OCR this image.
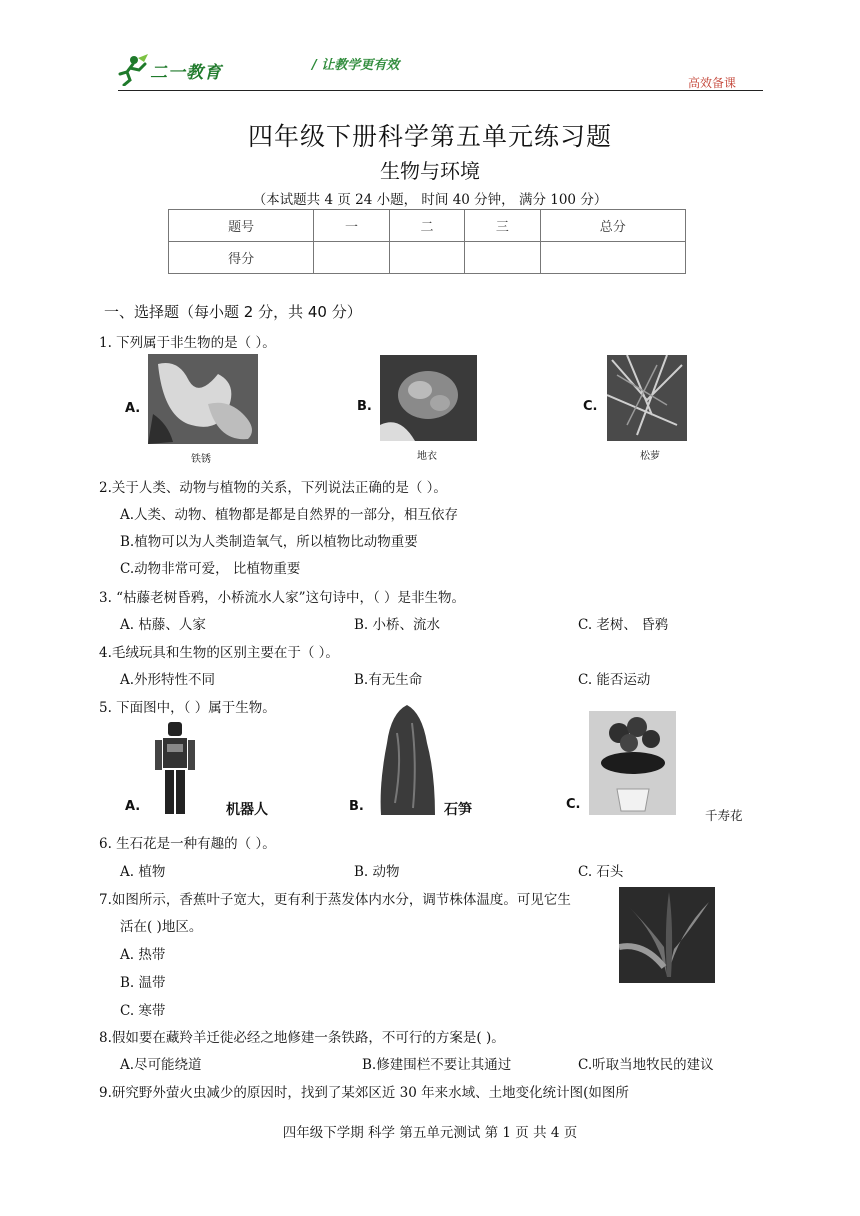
二一教育	/ 让教学更有效
高效备课
四年级下册科学第五单元练习题
生物与环境
（本试题共 4 页 24 小题， 时间 40 分钟， 满分 100 分）
题号	一	二	三	总分
得分				
一、选择题（每小题 2 分，共 40 分）
1. 下列属于非生物的是（ ）。
A.
铁锈
B.
地衣
C.
松萝
2.关于人类、动物与植物的关系，下列说法正确的是（ ）。
A.人类、动物、植物都是都是自然界的一部分，相互依存
B.植物可以为人类制造氧气，所以植物比动物重要
C.动物非常可爱， 比植物重要
3. “枯藤老树昏鸦，小桥流水人家”这句诗中，（ ）是非生物。
A. 枯藤、人家	B. 小桥、流水	C. 老树、 昏鸦
4.毛绒玩具和生物的区别主要在于（ ）。
A.外形特性不同	B.有无生命	C. 能否运动
5. 下面图中，（ ）属于生物。
A.	机器人	B.	石笋	C.
千寿花
6. 生石花是一种有趣的（ ）。
A. 植物	B. 动物	C. 石头
7.如图所示，香蕉叶子宽大，更有利于蒸发体内水分，调节株体温度。可见它生
活在( )地区。
A. 热带
B. 温带
C. 寒带
8.假如要在藏羚羊迁徙必经之地修建一条铁路，不可行的方案是( )。
A.尽可能绕道	B.修建围栏不要让其通过	C.听取当地牧民的建议
9.研究野外萤火虫减少的原因时，找到了某郊区近 30 年来水域、土地变化统计图(如图所
四年级下学期 科学 第五单元测试 第 1 页 共 4 页
